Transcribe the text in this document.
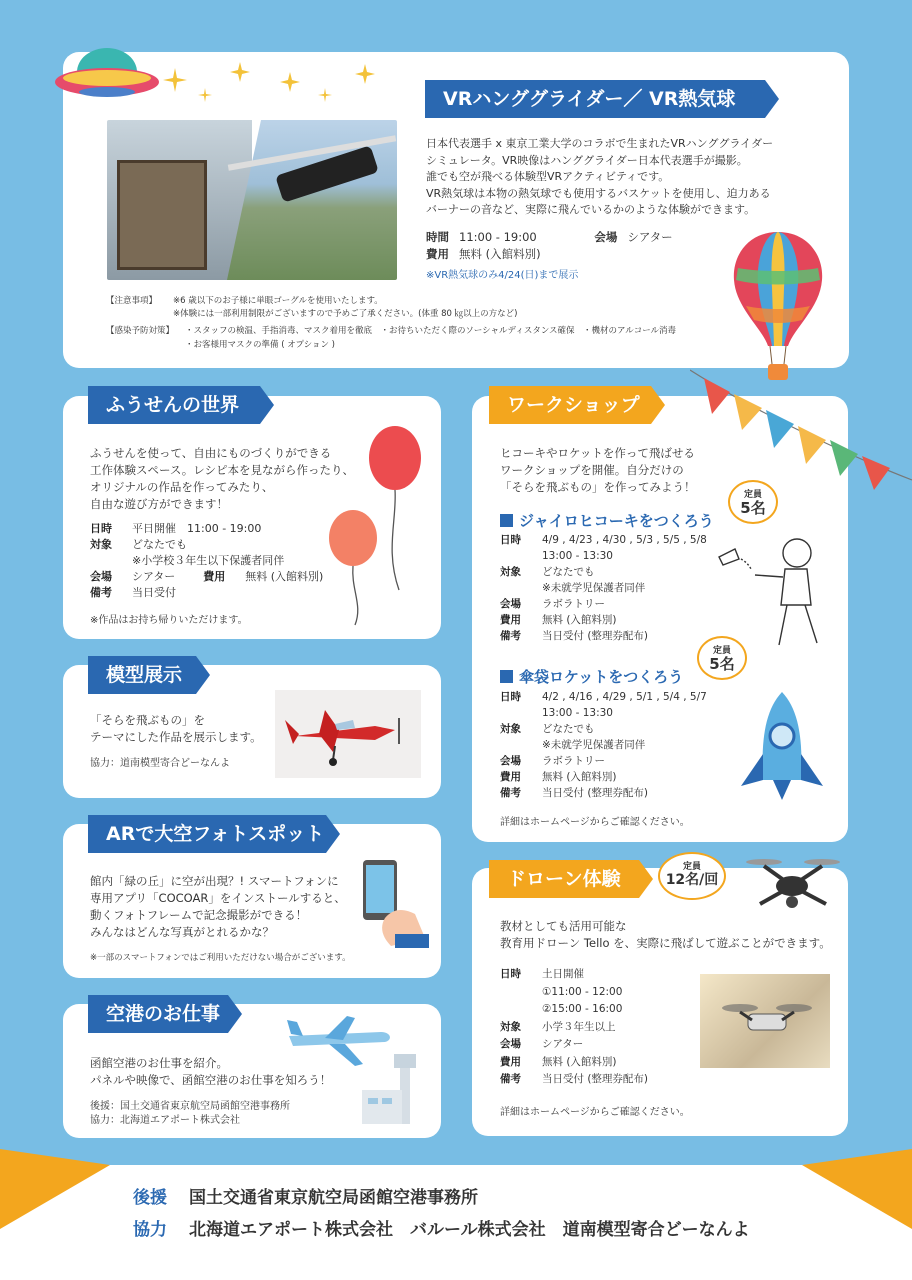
VRハンググライダー／ VR熱気球
日本代表選手 x 東京工業大学のコラボで生まれたVRハンググライダー
シミュレータ。VR映像はハンググライダー日本代表選手が撮影。
誰でも空が飛べる体験型VRアクティビティです。
VR熱気球は本物の熱気球でも使用するバスケットを使用し、迫力ある
バーナーの音など、実際に飛んでいるかのような体験ができます。
時間 11:00 - 19:00	会場 シアター
費用 無料 (入館料別)
※VR熱気球のみ4/24(日)まで展示
【注意事項】 ※6 歳以下のお子様に単眼ゴーグルを使用いたします。
※体験には一部利用制限がございますので予めご了承ください。(体重 80 ㎏以上の方など)
【感染予防対策】 ・スタッフの検温、手指消毒、マスク着用を徹底　・お待ちいただく際のソーシャルディスタンス確保　・機材のアルコール消毒
・お客様用マスクの準備 ( オプション )
ふうせんの世界
ふうせんを使って、自由にものづくりができる
工作体験スペース。レシピ本を見ながら作ったり、
オリジナルの作品を作ってみたり、
自由な遊び方ができます！
日時	平日開催　11:00 - 19:00
対象	どなたでも
※小学校３年生以下保護者同伴
会場	シアター	費用	無料 (入館料別)
備考	当日受付
※作品はお持ち帰りいただけます。
模型展示
「そらを飛ぶもの」を
テーマにした作品を展示します。
協力：道南模型寄合どーなんよ
ARで大空フォトスポット
館内「緑の丘」に空が出現？! スマートフォンに
専用アプリ「COCOAR」をインストールすると、
動くフォトフレームで記念撮影ができる！
みんなはどんな写真がとれるかな？
※一部のスマートフォンではご利用いただけない場合がございます。
空港のお仕事
函館空港のお仕事を紹介。
パネルや映像で、函館空港のお仕事を知ろう！
後援：国土交通省東京航空局函館空港事務所
協力：北海道エアポート株式会社
ワークショップ
ヒコーキやロケットを作って飛ばせる
ワークショップを開催。自分だけの
「そらを飛ぶもの」を作ってみよう！
ジャイロヒコーキをつくろう
定員
5名
日時	4/9 , 4/23 , 4/30 , 5/3 , 5/5 , 5/8
13:00 - 13:30
対象	どなたでも
※未就学児保護者同伴
会場	ラボラトリー
費用	無料 (入館料別)
備考	当日受付 (整理券配布)
傘袋ロケットをつくろう
定員
5名
日時	4/2 , 4/16 , 4/29 , 5/1 , 5/4 , 5/7
13:00 - 13:30
対象	どなたでも
※未就学児保護者同伴
会場	ラボラトリー
費用	無料 (入館料別)
備考	当日受付 (整理券配布)
詳細はホームページからご確認ください。
ドローン体験
定員
12名/回
教材としても活用可能な
教育用ドローン Tello を、実際に飛ばして遊ぶことができます。
日時	土日開催
①11:00 - 12:00
②15:00 - 16:00
対象	小学３年生以上
会場	シアター
費用	無料 (入館料別)
備考	当日受付 (整理券配布)
詳細はホームページからご確認ください。
後援 国土交通省東京航空局函館空港事務所
協力 北海道エアポート株式会社　バルール株式会社　道南模型寄合どーなんよ
